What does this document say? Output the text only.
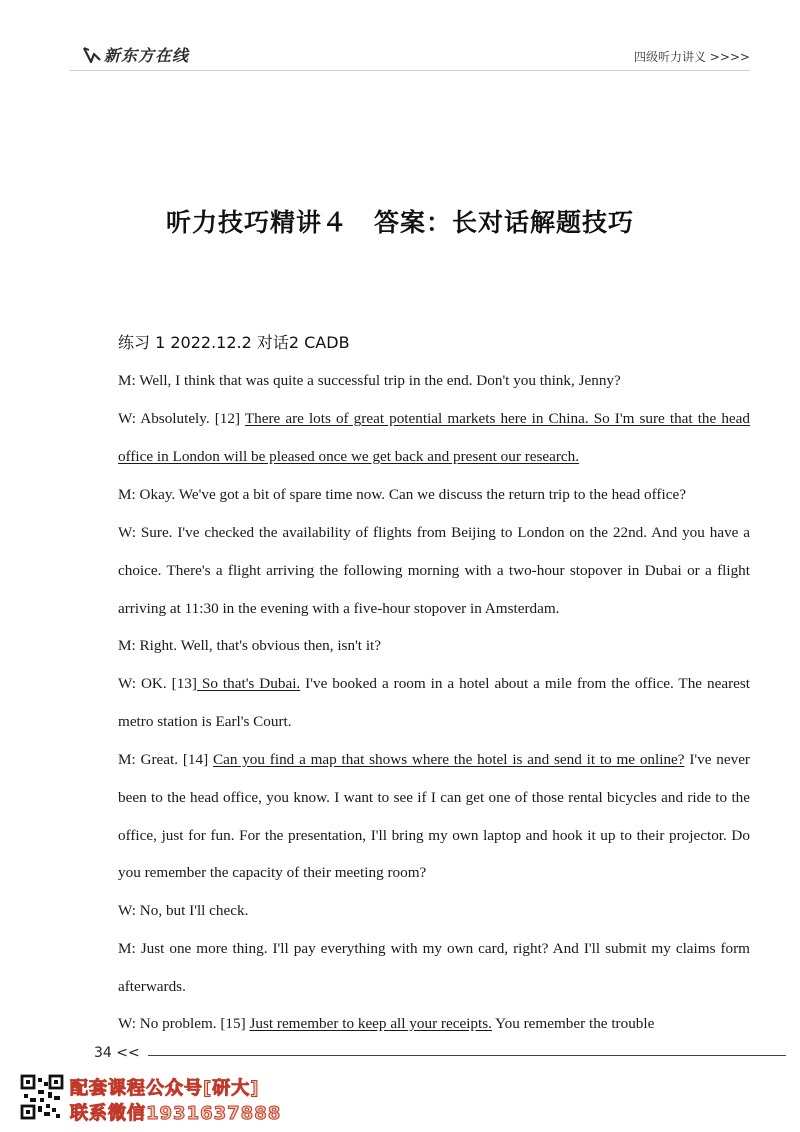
新东方在线	四级听力讲义 >>>>
听力技巧精讲４　答案：长对话解题技巧
练习 1 2022.12.2 对话2 CADB
M: Well, I think that was quite a successful trip in the end. Don't you think, Jenny?
W: Absolutely. [12] There are lots of great potential markets here in China. So I'm sure that the head office in London will be pleased once we get back and present our research.
M: Okay. We've got a bit of spare time now. Can we discuss the return trip to the head office?
W: Sure. I've checked the availability of flights from Beijing to London on the 22nd. And you have a choice. There's a flight arriving the following morning with a two-hour stopover in Dubai or a flight arriving at 11:30 in the evening with a five-hour stopover in Amsterdam.
M: Right. Well, that's obvious then, isn't it?
W: OK. [13] So that's Dubai. I've booked a room in a hotel about a mile from the office. The nearest metro station is Earl's Court.
M: Great. [14] Can you find a map that shows where the hotel is and send it to me online? I've never been to the head office, you know. I want to see if I can get one of those rental bicycles and ride to the office, just for fun. For the presentation, I'll bring my own laptop and hook it up to their projector. Do you remember the capacity of their meeting room?
W: No, but I'll check.
M: Just one more thing. I'll pay everything with my own card, right? And I'll submit my claims form afterwards.
W: No problem. [15] Just remember to keep all your receipts. You remember the trouble
34 <<
配套课程公众号[研大]
联系微信1931637888
